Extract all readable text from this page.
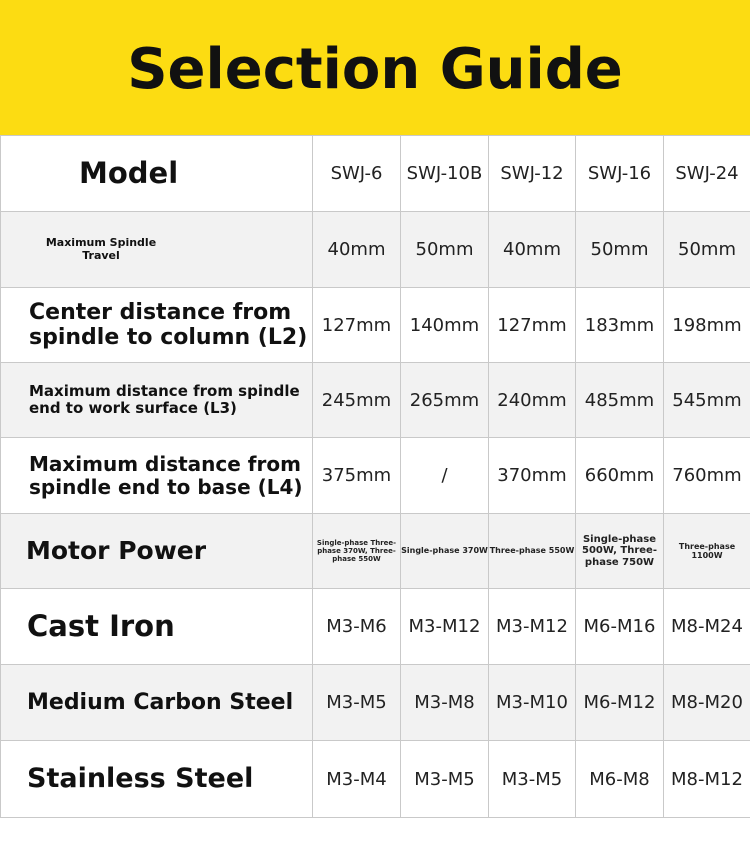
Selection Guide
Model	SWJ-6	SWJ-10B	SWJ-12	SWJ-16	SWJ-24

Maximum Spindle Travel	40mm	50mm	40mm	50mm	50mm
Center distance from spindle to column (L2)	127mm	140mm	127mm	183mm	198mm
Maximum distance from spindle end to work surface (L3)	245mm	265mm	240mm	485mm	545mm
Maximum distance from spindle end to base (L4)	375mm	/	370mm	660mm	760mm
Motor Power	Single-phase Three-phase 370W, Three-phase 550W	Single-phase 370W	Three-phase 550W	Single-phase 500W, Three-phase 750W	Three-phase 1100W
Cast Iron	M3-M6	M3-M12	M3-M12	M6-M16	M8-M24
Medium Carbon Steel	M3-M5	M3-M8	M3-M10	M6-M12	M8-M20
Stainless Steel	M3-M4	M3-M5	M3-M5	M6-M8	M8-M12
